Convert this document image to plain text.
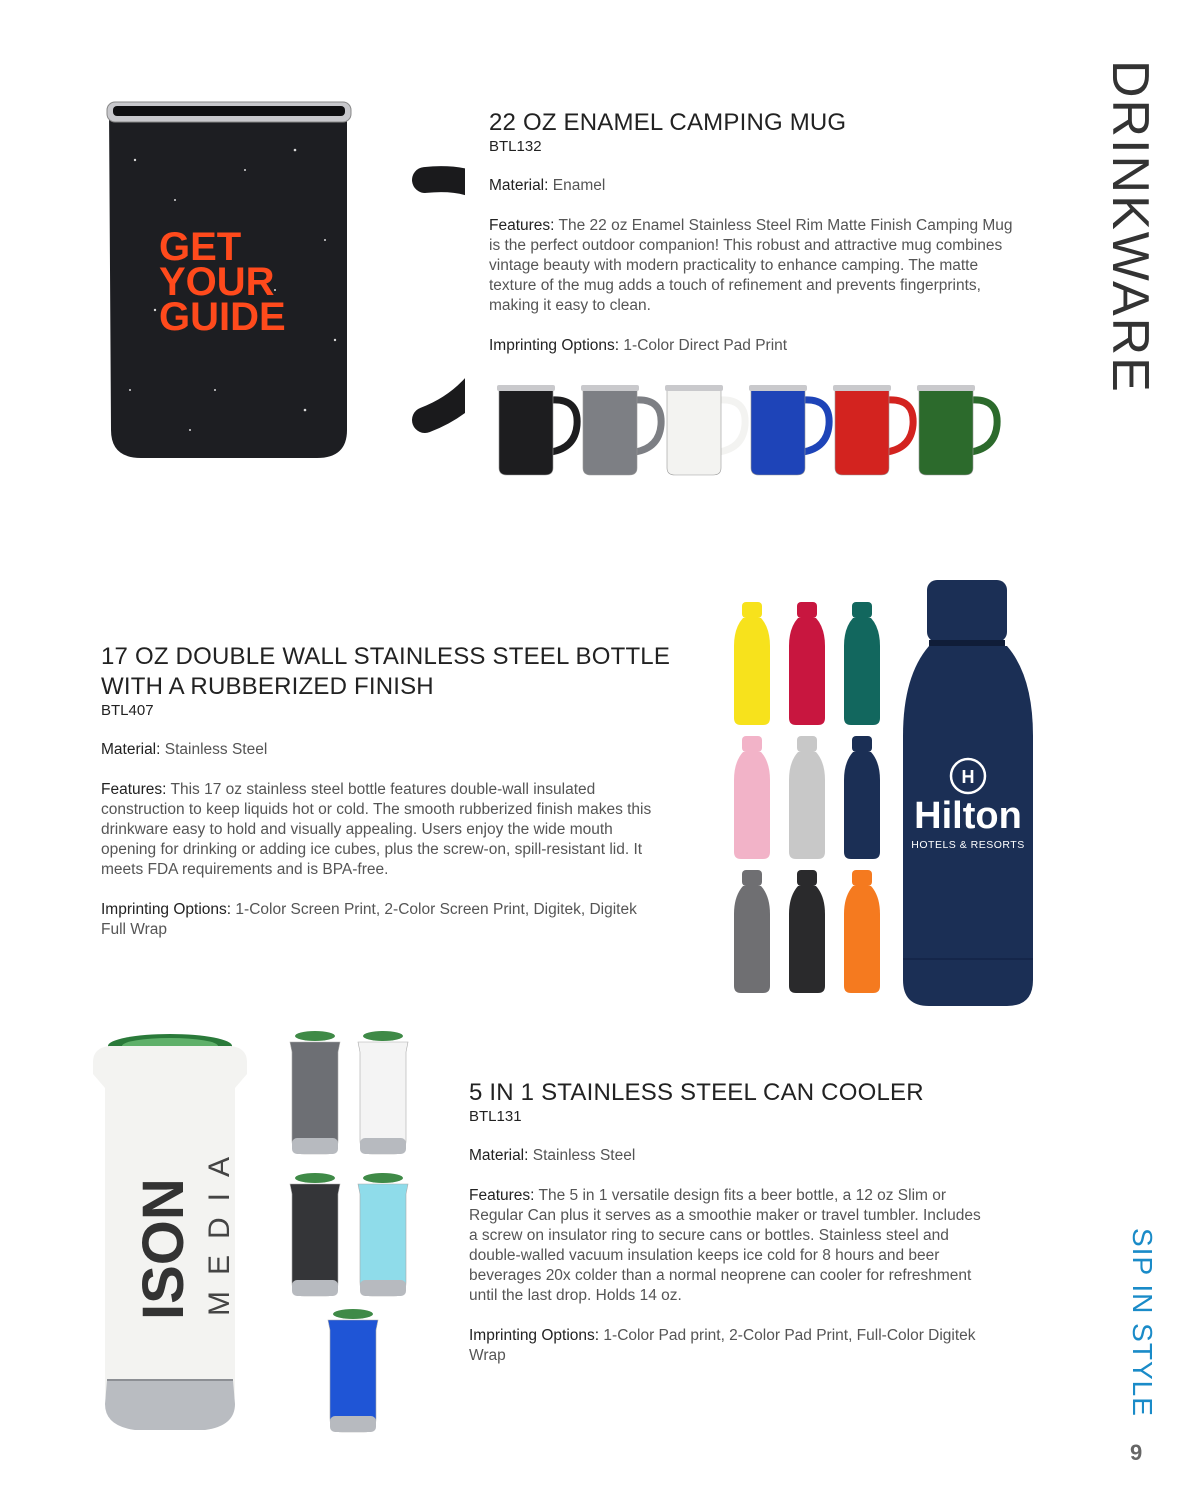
DRINKWARE
SIP IN STYLE
9
GET
YOUR
GUIDE
22 OZ ENAMEL CAMPING MUG
BTL132
Material: Enamel
Features: The 22 oz Enamel Stainless Steel Rim Matte Finish Camping Mug is the perfect outdoor companion! This robust and attractive mug combines vintage beauty with modern practicality to enhance camping. The matte texture of the mug adds a touch of refinement and prevents fingerprints, making it easy to clean.
Imprinting Options: 1-Color Direct Pad Print
17 OZ DOUBLE WALL STAINLESS STEEL BOTTLE
WITH A RUBBERIZED FINISH
BTL407
Material: Stainless Steel
Features: This 17 oz stainless steel bottle features double-wall insulated construction to keep liquids hot or cold. The smooth rubberized finish makes this drinkware easy to hold and visually appealing. Users enjoy the wide mouth opening for drinking or adding ice cubes, plus the screw-on, spill-resistant lid. It meets FDA requirements and is BPA-free.
Imprinting Options: 1-Color Screen Print, 2-Color Screen Print, Digitek, Digitek Full Wrap
H
Hilton
HOTELS & RESORTS
ISON MEDIA
5 IN 1 STAINLESS STEEL CAN COOLER
BTL131
Material: Stainless Steel
Features: The 5 in 1 versatile design fits a beer bottle, a 12 oz Slim or Regular Can plus it serves as a smoothie maker or travel tumbler. Includes a screw on insulator ring to secure cans or bottles. Stainless steel and double-walled vacuum insulation keeps ice cold for 8 hours and beer beverages 20x colder than a normal neoprene can cooler for refreshment until the last drop. Holds 14 oz.
Imprinting Options: 1-Color Pad print, 2-Color Pad Print, Full-Color Digitek Wrap
